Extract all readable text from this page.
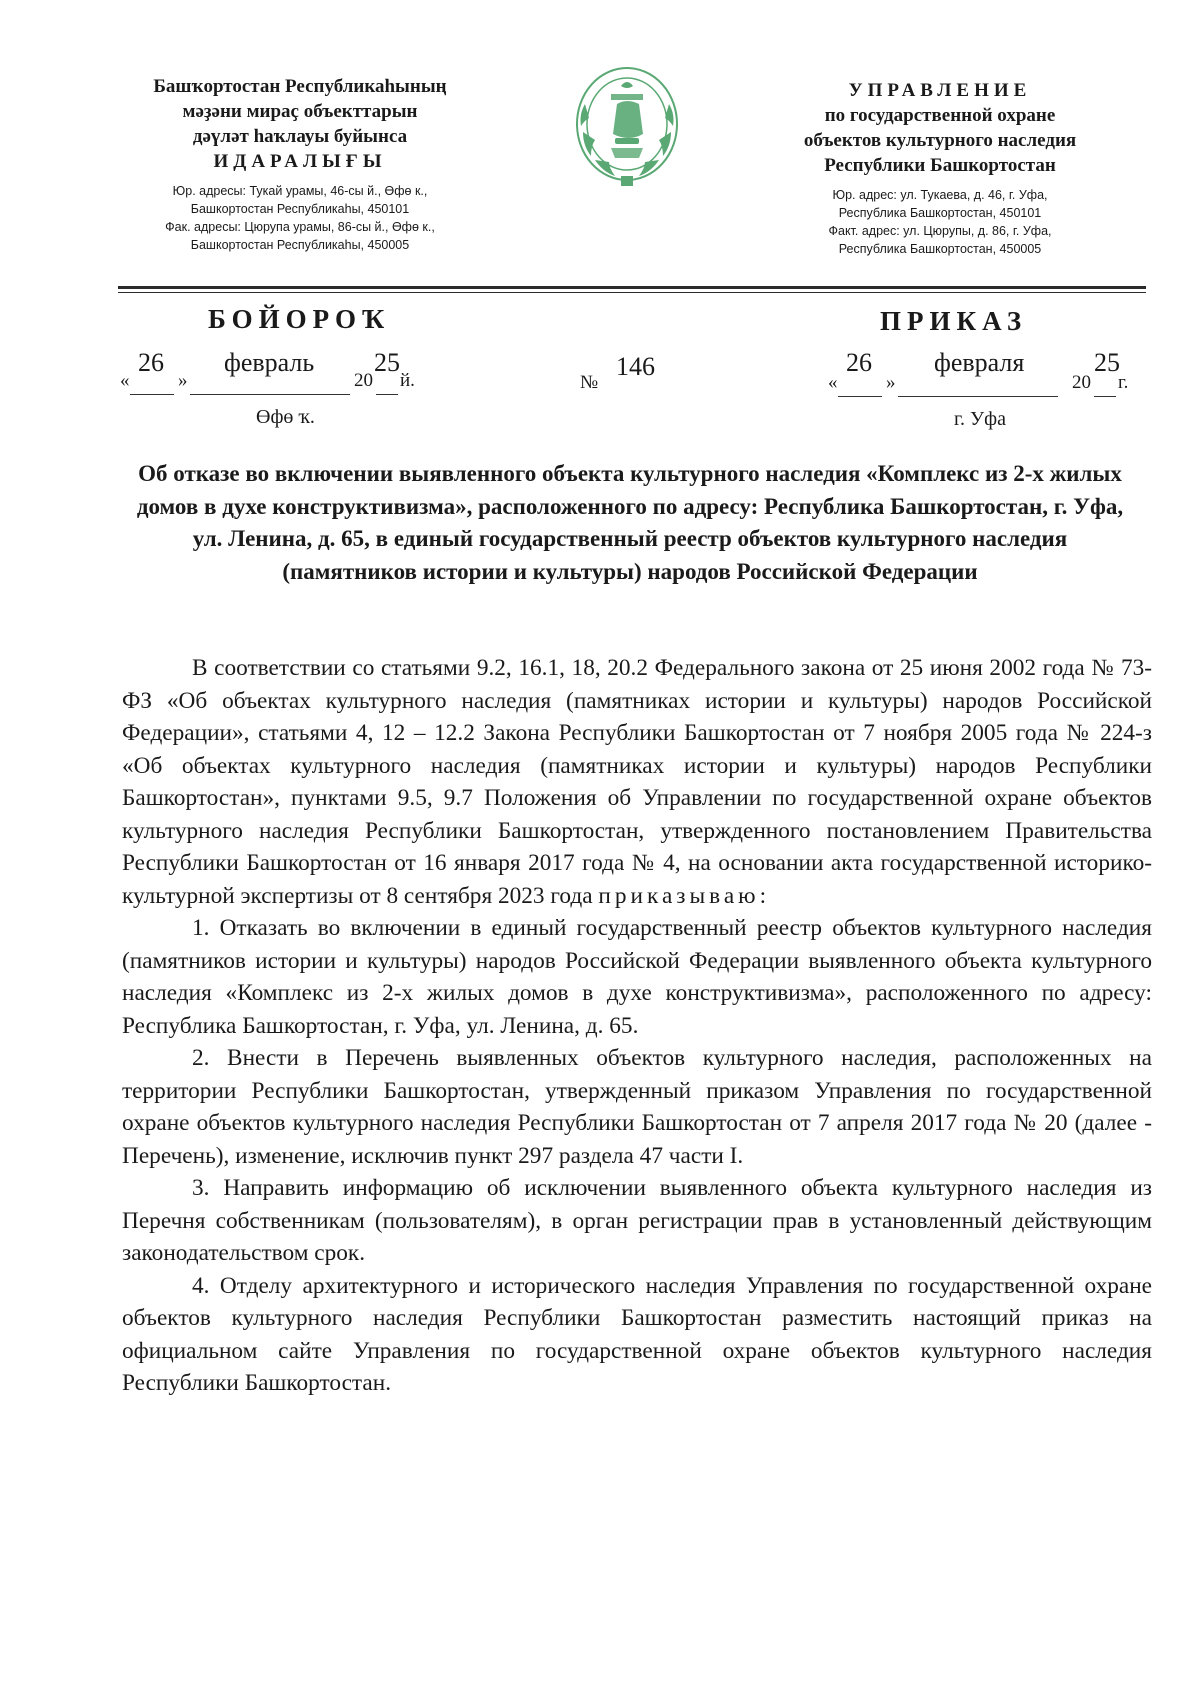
Башҡортостан Республикаһының
мәҙәни мираҫ объекттарын
дәүләт һаҡлауы буйынса
ИДАРАЛЫҒЫ
Юр. адресы: Тукай урамы, 46-сы й., Өфө к.,
Башкортостан Республикаһы, 450101
Фак. адресы: Цюрупа урамы, 86-сы й., Өфө к.,
Башкортостан Республикаһы, 450005
УПРАВЛЕНИЕ
по государственной охране
объектов культурного наследия
Республики Башкортостан
Юр. адрес: ул. Тукаева, д. 46, г. Уфа,
Республика Башкортостан, 450101
Факт. адрес: ул. Цюрупы, д. 86, г. Уфа,
Республика Башкортостан, 450005
БОЙОРОҠ	ПРИКАЗ
«
26
»
февраль
20
25
й.	№
146
«
26
»
февраля
20
25
г.
Өфө ҡ.	г. Уфа
Об отказе во включении выявленного объекта культурного наследия «Комплекс из 2-х жилых домов в духе конструктивизма», расположенного по адресу: Республика Башкортостан, г. Уфа, ул. Ленина, д. 65, в единый государственный реестр объектов культурного наследия (памятников истории и культуры) народов Российской Федерации

В соответствии со статьями 9.2, 16.1, 18, 20.2 Федерального закона от 25 июня 2002 года № 73-ФЗ «Об объектах культурного наследия (памятниках истории и культуры) народов Российской Федерации», статьями 4, 12 – 12.2 Закона Республики Башкортостан от 7 ноября 2005 года № 224-з «Об объектах культурного наследия (памятниках истории и культуры) народов Республики Башкортостан», пунктами 9.5, 9.7 Положения об Управлении по государственной охране объектов культурного наследия Республики Башкортостан, утвержденного постановлением Правительства Республики Башкортостан от 16 января 2017 года № 4, на основании акта государственной историко-культурной экспертизы от 8 сентября 2023 года приказываю:

1. Отказать во включении в единый государственный реестр объектов культурного наследия (памятников истории и культуры) народов Российской Федерации выявленного объекта культурного наследия «Комплекс из 2-х жилых домов в духе конструктивизма», расположенного по адресу: Республика Башкортостан, г. Уфа, ул. Ленина, д. 65.

2. Внести в Перечень выявленных объектов культурного наследия, расположенных на территории Республики Башкортостан, утвержденный приказом Управления по государственной охране объектов культурного наследия Республики Башкортостан от 7 апреля 2017 года № 20 (далее - Перечень), изменение, исключив пункт 297 раздела 47 части I.

3. Направить информацию об исключении выявленного объекта культурного наследия из Перечня собственникам (пользователям), в орган регистрации прав в установленный действующим законодательством срок.

4. Отделу архитектурного и исторического наследия Управления по государственной охране объектов культурного наследия Республики Башкортостан разместить настоящий приказ на официальном сайте Управления по государственной охране объектов культурного наследия Республики Башкортостан.
